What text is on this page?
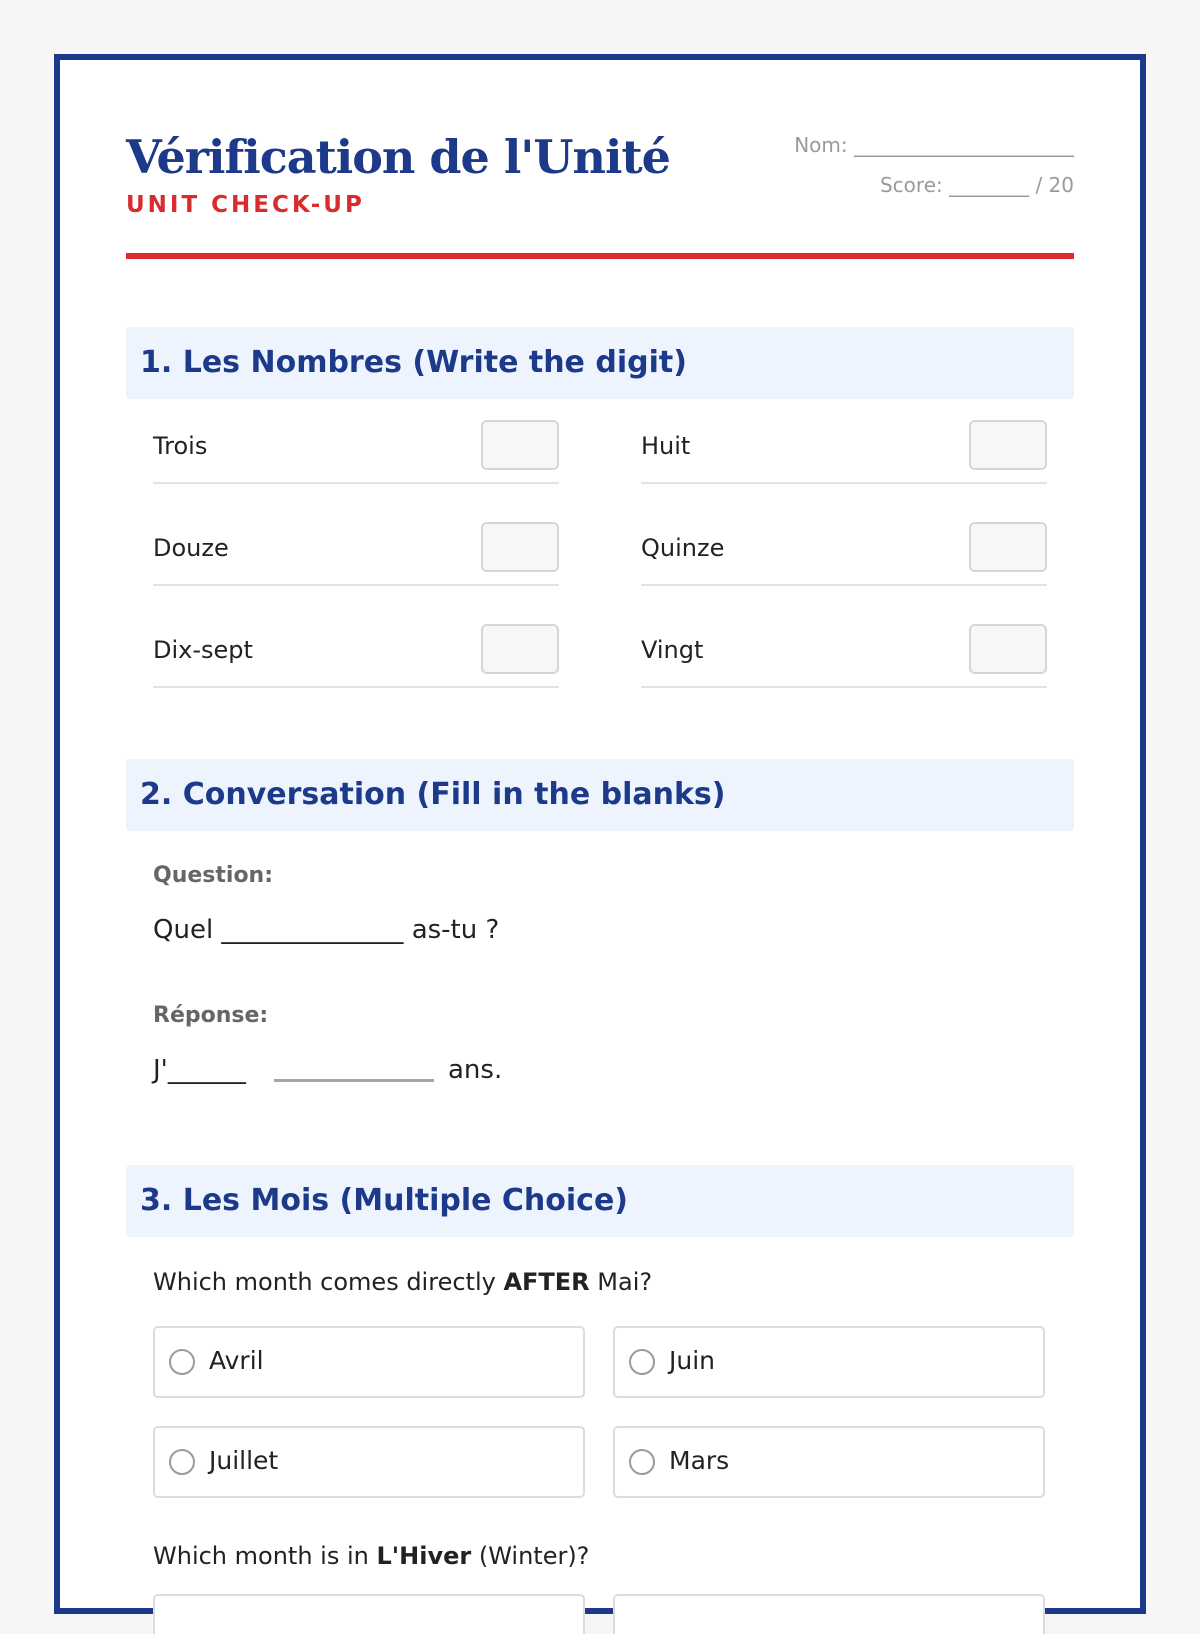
Vérification de l'Unité
UNIT CHECK-UP
Nom: ______________________
Score: ________ / 20
1. Les Nombres (Write the digit)
Trois	Huit
Douze	Quinze
Dix-sept	Vingt
2. Conversation (Fill in the blanks)
Question:
Quel ______________ as-tu ?
Réponse:
J'______	ans.
3. Les Mois (Multiple Choice)
Which month comes directly AFTER Mai?
Avril	Juin
Juillet	Mars
Which month is in L'Hiver (Winter)?
